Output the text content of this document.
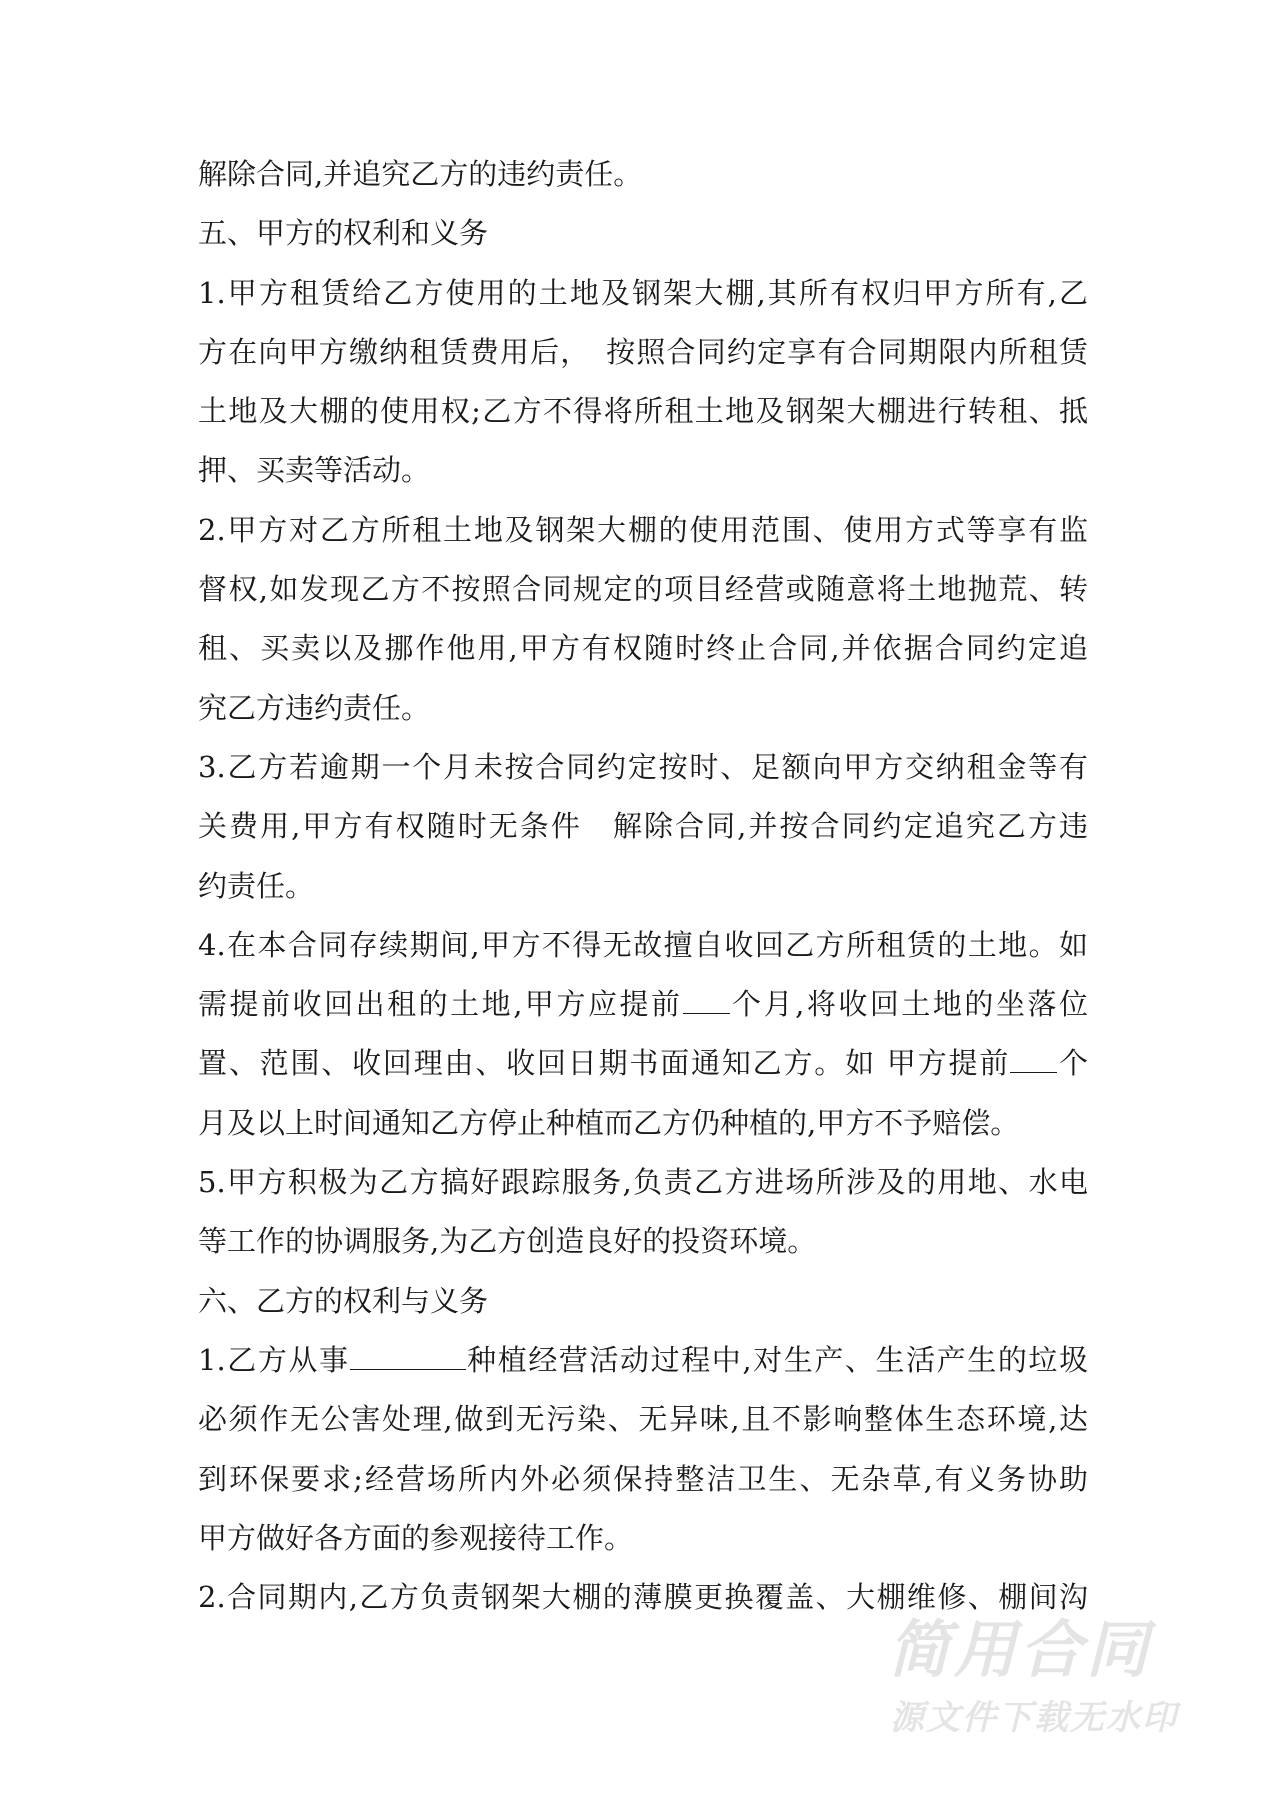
解除合同,并追究乙方的违约责任。
五、甲方的权利和义务
1.甲方租赁给乙方使用的土地及钢架大棚,其所有权归甲方所有,乙
方在向甲方缴纳租赁费用后，　按照合同约定享有合同期限内所租赁
土地及大棚的使用权;乙方不得将所租土地及钢架大棚进行转租、抵
押、买卖等活动。
2.甲方对乙方所租土地及钢架大棚的使用范围、使用方式等享有监
督权,如发现乙方不按照合同规定的项目经营或随意将土地抛荒、转
租、买卖以及挪作他用,甲方有权随时终止合同,并依据合同约定追
究乙方违约责任。
3.乙方若逾期一个月未按合同约定按时、足额向甲方交纳租金等有
关费用,甲方有权随时无条件　解除合同,并按合同约定追究乙方违
约责任。
4.在本合同存续期间,甲方不得无故擅自收回乙方所租赁的土地。如
需提前收回出租的土地,甲方应提前 个月,将收回土地的坐落位
置、范围、收回理由、收回日期书面通知乙方。如 甲方提前 个
月及以上时间通知乙方停止种植而乙方仍种植的,甲方不予赔偿。
5.甲方积极为乙方搞好跟踪服务,负责乙方进场所涉及的用地、水电
等工作的协调服务,为乙方创造良好的投资环境。
六、乙方的权利与义务
1.乙方从事	种植经营活动过程中,对生产、生活产生的垃圾
必须作无公害处理,做到无污染、无异味,且不影响整体生态环境,达
到环保要求;经营场所内外必须保持整洁卫生、无杂草,有义务协助
甲方做好各方面的参观接待工作。
2.合同期内,乙方负责钢架大棚的薄膜更换覆盖、大棚维修、棚间沟
简用合同
源文件下载无水印
